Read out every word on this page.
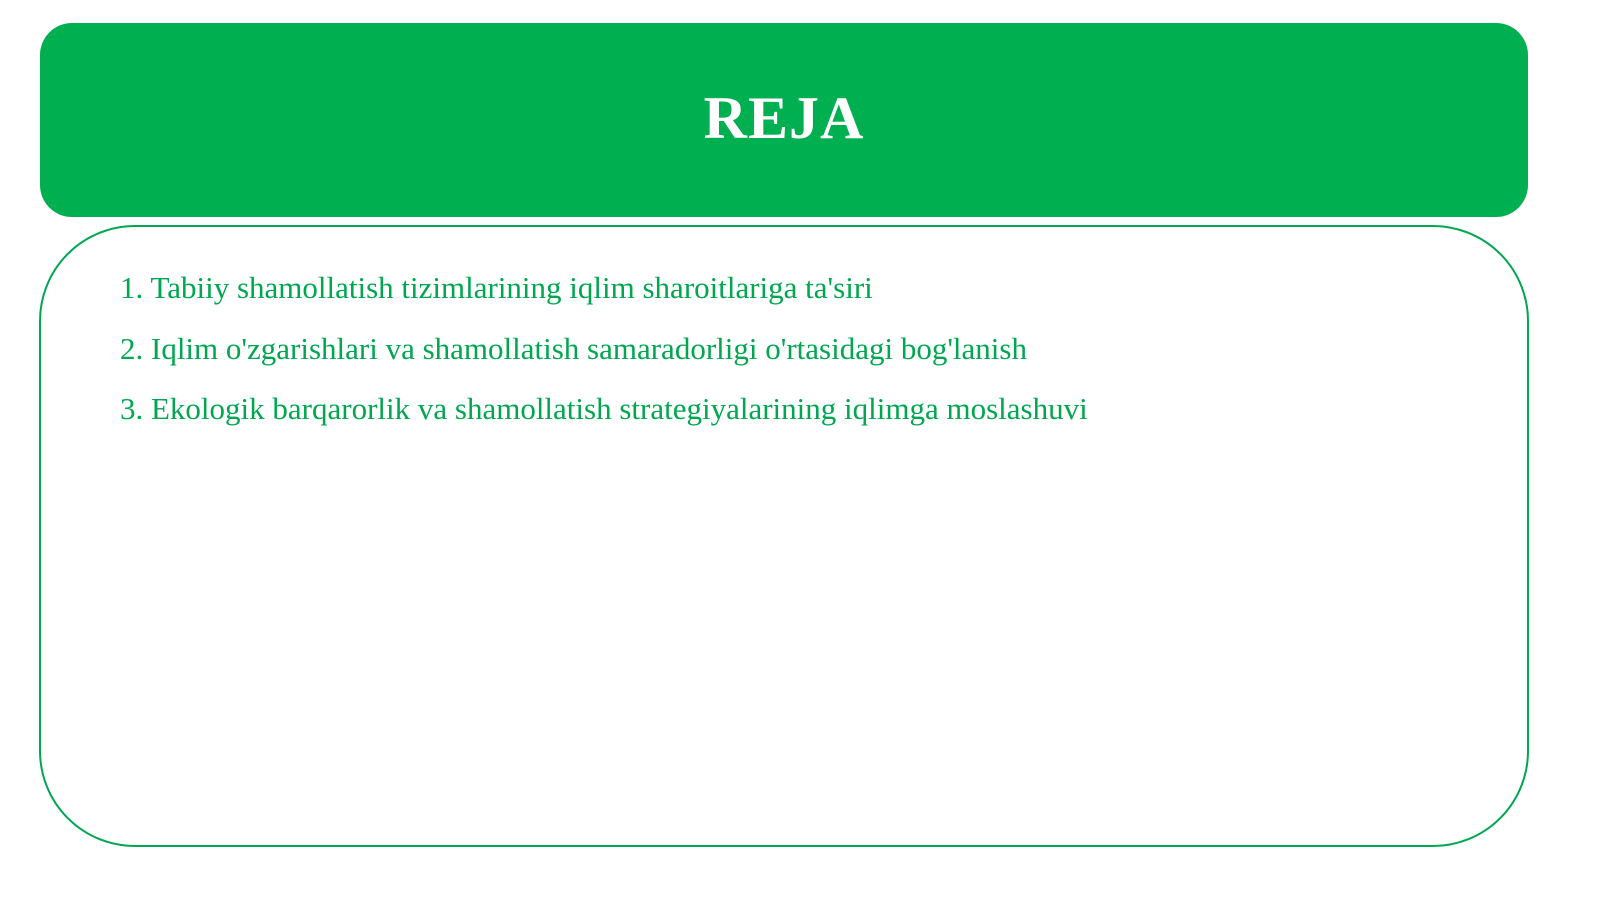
REJA
1. Tabiiy shamollatish tizimlarining iqlim sharoitlariga ta'siri
2. Iqlim o'zgarishlari va shamollatish samaradorligi o'rtasidagi bog'lanish
3. Ekologik barqarorlik va shamollatish strategiyalarining iqlimga moslashuvi
